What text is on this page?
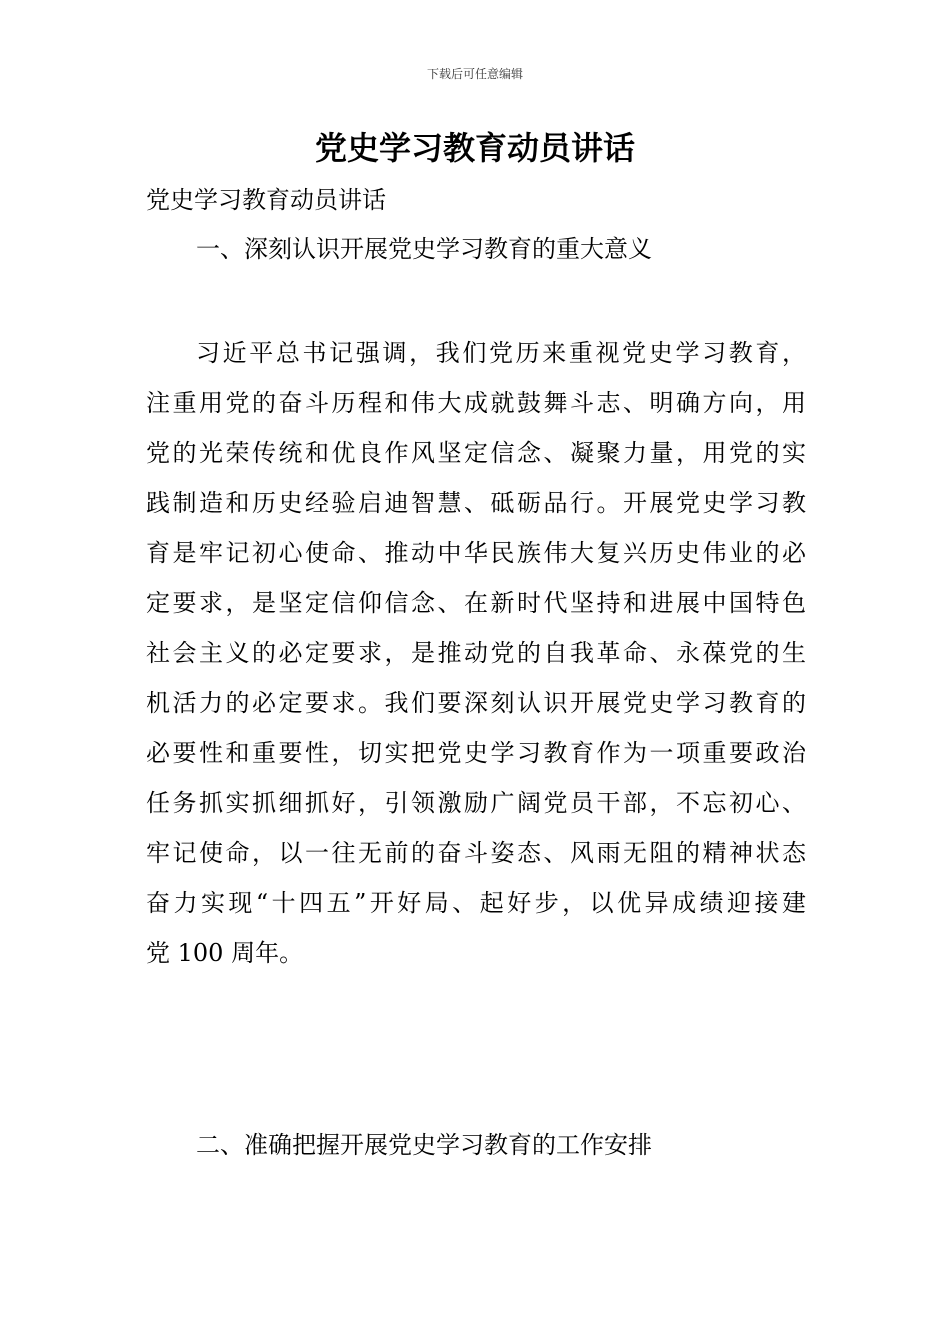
下载后可任意编辑
党史学习教育动员讲话
党史学习教育动员讲话
一、深刻认识开展党史学习教育的重大意义
习近平总书记强调，我们党历来重视党史学习教育，
注重用党的奋斗历程和伟大成就鼓舞斗志、明确方向，用
党的光荣传统和优良作风坚定信念、凝聚力量，用党的实
践制造和历史经验启迪智慧、砥砺品行。开展党史学习教
育是牢记初心使命、推动中华民族伟大复兴历史伟业的必
定要求，是坚定信仰信念、在新时代坚持和进展中国特色
社会主义的必定要求，是推动党的自我革命、永葆党的生
机活力的必定要求。我们要深刻认识开展党史学习教育的
必要性和重要性，切实把党史学习教育作为一项重要政治
任务抓实抓细抓好，引领激励广阔党员干部，不忘初心、
牢记使命，以一往无前的奋斗姿态、风雨无阻的精神状态
奋力实现“十四五”开好局、起好步，以优异成绩迎接建
党 100 周年。
二、准确把握开展党史学习教育的工作安排
